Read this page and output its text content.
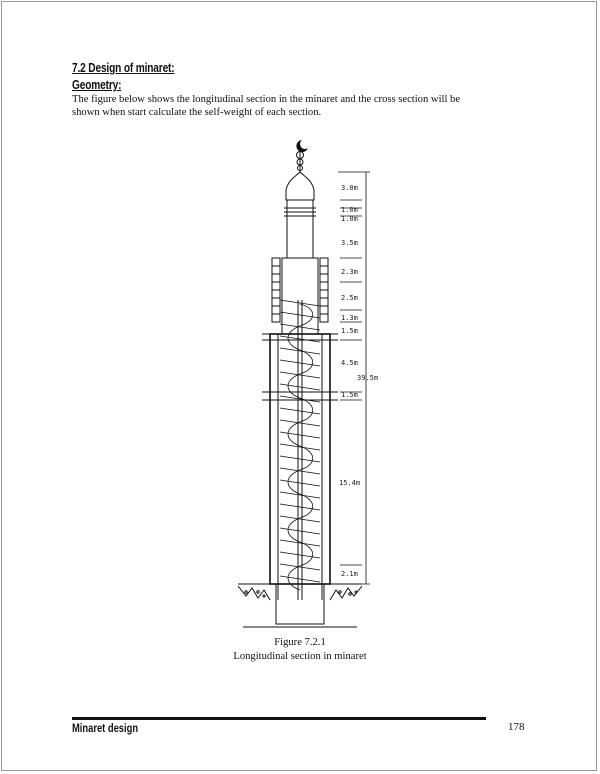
7.2 Design of minaret:
Geometry:

The figure below shows the longitudinal section in the minaret and the cross section will be

shown when start calculate the self-weight of each section.

3.0m
1.0m
1.0m
3.5m
2.3m
2.5m
1.3m
1.5m
4.5m
1.5m
15.4m
2.1m
39.5m
Figure 7.2.1
Longitudinal section in minaret
Minaret design	178
